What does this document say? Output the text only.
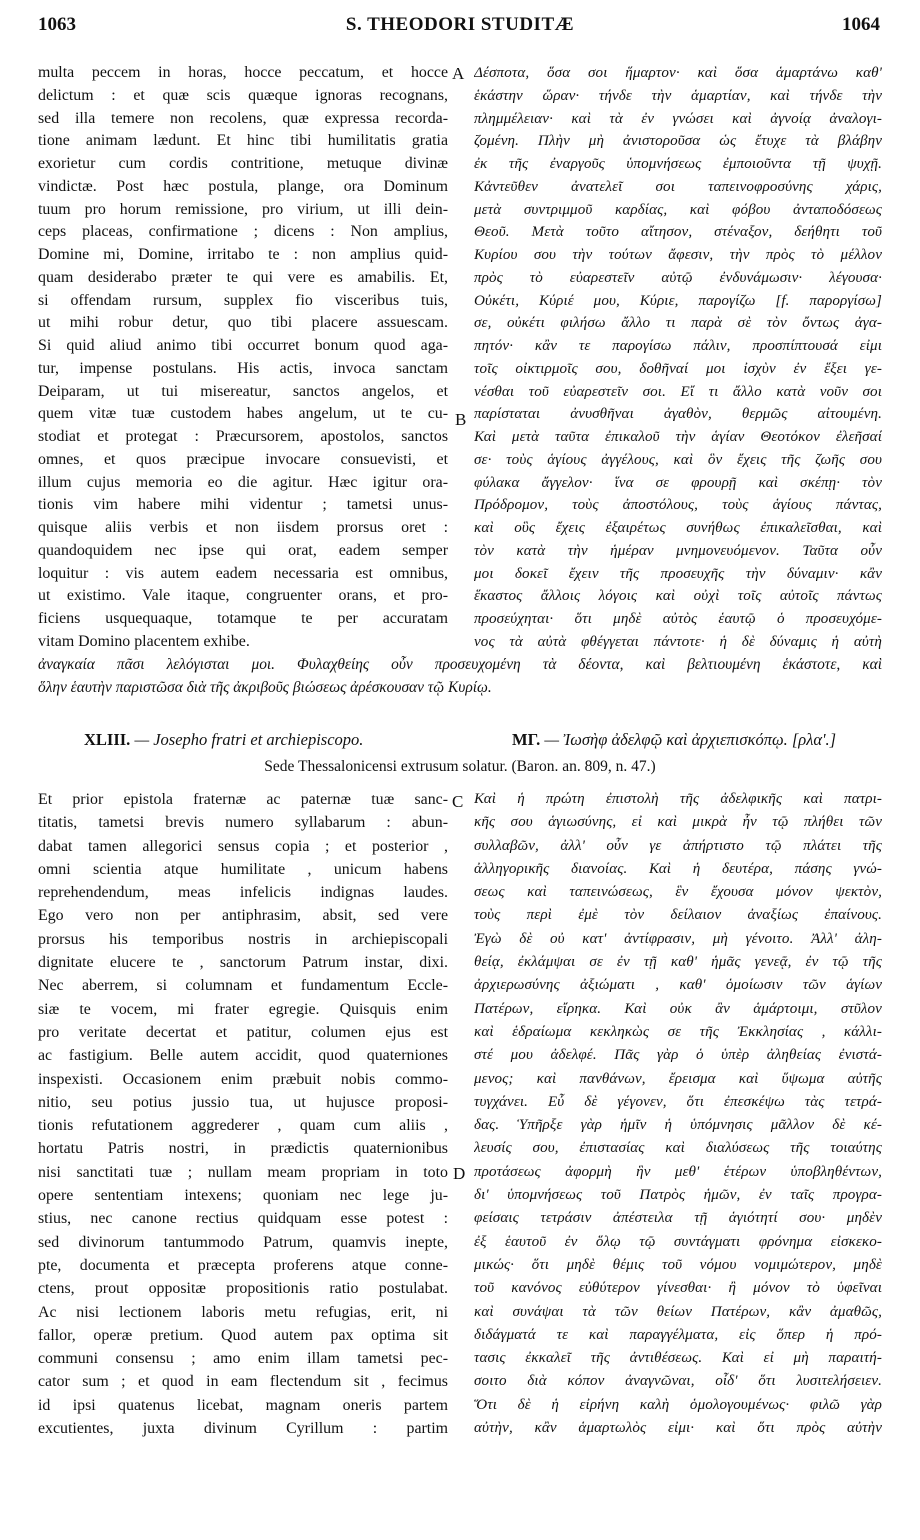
1063	S. THEODORI STUDITÆ	1064
multa peccem in horas, hocce peccatum, et hocce
delictum : et quæ scis quæque ignoras recognans,
sed illa temere non recolens, quæ expressa recorda-
tione animam lædunt. Et hinc tibi humilitatis gratia
exorietur cum cordis contritione, metuque divinæ
vindictæ. Post hæc postula, plange, ora Dominum
tuum pro horum remissione, pro virium, ut illi dein-
ceps placeas, confirmatione ; dicens : Non amplius,
Domine mi, Domine, irritabo te : non amplius quid-
quam desiderabo præter te qui vere es amabilis. Et,
si offendam rursum, supplex fio visceribus tuis,
ut mihi robur detur, quo tibi placere assuescam.
Si quid aliud animo tibi occurret bonum quod aga-
tur, impense postulans. His actis, invoca sanctam
Deiparam, ut tui misereatur, sanctos angelos, et
quem vitæ tuæ custodem habes angelum, ut te cu-
stodiat et protegat : Præcursorem, apostolos, sanctos
omnes, et quos præcipue invocare consuevisti, et
illum cujus memoria eo die agitur. Hæc igitur ora-
tionis vim habere mihi videntur ; tametsi unus-
quisque aliis verbis et non iisdem prorsus oret :
quandoquidem nec ipse qui orat, eadem semper
loquitur : vis autem eadem necessaria est omnibus,
ut existimo. Vale itaque, congruenter orans, et pro-
ficiens usquequaque, totamque te per accuratam
vitam Domino placentem exhibe.
Δέσποτα, ὅσα σοι ἥμαρτον· καὶ ὅσα ἁμαρτάνω καθ'
ἑκάστην ὥραν· τήνδε τὴν ἁμαρτίαν, καὶ τήνδε τὴν
πλημμέλειαν· καὶ τὰ ἐν γνώσει καὶ ἀγνοίᾳ ἀναλογι-
ζομένη. Πλὴν μὴ ἀνιστοροῦσα ὡς ἔτυχε τὰ βλάβην
ἐκ τῆς ἐναργοῦς ὑπομνήσεως ἐμποιοῦντα τῇ ψυχῇ.
Κἀντεῦθεν ἀνατελεῖ σοι ταπεινοφροσύνης χάρις,
μετὰ συντριμμοῦ καρδίας, καὶ φόβου ἀνταποδόσεως
Θεοῦ. Μετὰ τοῦτο αἴτησον, στέναξον, δεήθητι τοῦ
Κυρίου σου τὴν τούτων ἄφεσιν, τὴν πρὸς τὸ μέλλον
πρὸς τὸ εὐαρεστεῖν αὐτῷ ἐνδυνάμωσιν· λέγουσα·
Οὐκέτι, Κύριέ μου, Κύριε, παρογίζω [f. παροργίσω]
σε, οὐκέτι φιλήσω ἄλλο τι παρὰ σὲ τὸν ὄντως ἀγα-
πητόν· κἂν τε παρογίσω πάλιν, προσπίπτουσά εἰμι
τοῖς οἰκτιρμοῖς σου, δοθῆναί μοι ἰσχὺν ἐν ἕξει γε-
νέσθαι τοῦ εὐαρεστεῖν σοι. Εἴ τι ἄλλο κατὰ νοῦν σοι
παρίσταται ἀνυσθῆναι ἀγαθὸν, θερμῶς αἰτουμένη.
Καὶ μετὰ ταῦτα ἐπικαλοῦ τὴν ἁγίαν Θεοτόκον ἐλεῆσαί
σε· τοὺς ἁγίους ἀγγέλους, καὶ ὃν ἔχεις τῆς ζωῆς σου
φύλακα ἄγγελον· ἵνα σε φρουρῇ καὶ σκέπῃ· τὸν
Πρόδρομον, τοὺς ἀποστόλους, τοὺς ἁγίους πάντας,
καὶ οὓς ἔχεις ἐξαιρέτως συνήθως ἐπικαλεῖσθαι, καὶ
τὸν κατὰ τὴν ἡμέραν μνημονευόμενον. Ταῦτα οὖν
μοι δοκεῖ ἔχειν τῆς προσευχῆς τὴν δύναμιν· κἂν
ἕκαστος ἄλλοις λόγοις καὶ οὐχὶ τοῖς αὐτοῖς πάντως
προσεύχηται· ὅτι μηδὲ αὐτὸς ἑαυτῷ ὁ προσευχόμε-
νος τὰ αὐτὰ φθέγγεται πάντοτε· ἡ δὲ δύναμις ἡ αὐτὴ
A
B
ἀναγκαία πᾶσι λελόγισται μοι. Φυλαχθείης οὖν προσευχομένη τὰ δέοντα, καὶ βελτιουμένη ἑκάστοτε, καὶ
ὅλην ἑαυτὴν παριστῶσα διὰ τῆς ἀκριβοῦς βιώσεως ἀρέσκουσαν τῷ Κυρίῳ.
XLIII. — Josepho fratri et archiepiscopo.	ΜΓ. — Ἰωσὴφ ἀδελφῷ καὶ ἀρχιεπισκόπῳ. [ρλα'.]
Sede Thessalonicensi extrusum solatur. (Baron. an. 809, n. 47.)
Et prior epistola fraternæ ac paternæ tuæ sanc-
titatis, tametsi brevis numero syllabarum : abun-
dabat tamen allegorici sensus copia ; et posterior ,
omni scientia atque humilitate , unicum habens
reprehendendum, meas infelicis indignas laudes.
Ego vero non per antiphrasim, absit, sed vere
prorsus his temporibus nostris in archiepiscopali
dignitate elucere te , sanctorum Patrum instar, dixi.
Nec aberrem, si columnam et fundamentum Eccle-
siæ te vocem, mi frater egregie. Quisquis enim
pro veritate decertat et patitur, columen ejus est
ac fastigium. Belle autem accidit, quod quaterniones
inspexisti. Occasionem enim præbuit nobis commo-
nitio, seu potius jussio tua, ut hujusce proposi-
tionis refutationem aggrederer , quam cum aliis ,
hortatu Patris nostri, in prædictis quaternionibus
nisi sanctitati tuæ ; nullam meam propriam in toto
opere sententiam intexens; quoniam nec lege ju-
stius, nec canone rectius quidquam esse potest :
sed divinorum tantummodo Patrum, quamvis inepte,
pte, documenta et præcepta proferens atque conne-
ctens, prout oppositæ propositionis ratio postulabat.
Ac nisi lectionem laboris metu refugias, erit, ni
fallor, operæ pretium. Quod autem pax optima sit
communi consensu ; amo enim illam tametsi pec-
cator sum ; et quod in eam flectendum sit , fecimus
id ipsi quatenus licebat, magnam oneris partem
excutientes, juxta divinum Cyrillum : partim
Καὶ ἡ πρώτη ἐπιστολὴ τῆς ἀδελφικῆς καὶ πατρι-
κῆς σου ἁγιωσύνης, εἰ καὶ μικρὰ ἦν τῷ πλήθει τῶν
συλλαβῶν, ἀλλ' οὖν γε ἀπήρτιστο τῷ πλάτει τῆς
ἀλληγορικῆς διανοίας. Καὶ ἡ δευτέρα, πάσης γνώ-
σεως καὶ ταπεινώσεως, ἓν ἔχουσα μόνον ψεκτὸν,
τοὺς περὶ ἐμὲ τὸν δείλαιον ἀναξίως ἐπαίνους.
Ἐγὼ δὲ οὐ κατ' ἀντίφρασιν, μὴ γένοιτο. Ἀλλ' ἀλη-
θείᾳ, ἐκλάμψαι σε ἐν τῇ καθ' ἡμᾶς γενεᾷ, ἐν τῷ τῆς
ἀρχιερωσύνης ἀξιώματι , καθ' ὁμοίωσιν τῶν ἁγίων
Πατέρων, εἴρηκα. Καὶ οὐκ ἂν ἁμάρτοιμι, στῦλον
καὶ ἑδραίωμα κεκληκὼς σε τῆς Ἐκκλησίας , κάλλι-
στέ μου ἀδελφέ. Πᾶς γὰρ ὁ ὑπὲρ ἀληθείας ἐνιστά-
μενος; καὶ πανθάνων, ἔρεισμα καὶ ὕψωμα αὐτῆς
τυγχάνει. Εὖ δὲ γέγονεν, ὅτι ἐπεσκέψω τὰς τετρά-
δας. Ὑπῆρξε γὰρ ἡμῖν ἡ ὑπόμνησις μᾶλλον δὲ κέ-
λευσίς σου, ἐπιστασίας καὶ διαλύσεως τῆς τοιαύτης
προτάσεως ἀφορμὴ ἣν μεθ' ἑτέρων ὑποβληθέντων,
δι' ὑπομνήσεως τοῦ Πατρὸς ἡμῶν, ἐν ταῖς προγρα-
φείσαις τετράσιν ἀπέστειλα τῇ ἁγιότητί σου· μηδὲν
ἐξ ἑαυτοῦ ἐν ὅλῳ τῷ συντάγματι φρόνημα εἰσκεκο-
μικώς· ὅτι μηδὲ θέμις τοῦ νόμου νομιμώτερον, μηδὲ
τοῦ κανόνος εὐθύτερον γίνεσθαι· ἢ μόνον τὸ ὑφεῖναι
καὶ συνάψαι τὰ τῶν θείων Πατέρων, κἂν ἀμαθῶς,
διδάγματά τε καὶ παραγγέλματα, εἰς ὅπερ ἡ πρό-
τασις ἐκκαλεῖ τῆς ἀντιθέσεως. Καὶ εἰ μὴ παραιτή-
σοιτο διὰ κόπον ἀναγνῶναι, οἶδ' ὅτι λυσιτελήσειεν.
Ὅτι δὲ ἡ εἰρήνη καλὴ ὁμολογουμένως· φιλῶ γὰρ
αὐτὴν, κἂν ἁμαρτωλὸς εἰμι· καὶ ὅτι πρὸς αὐτὴν
C
D
